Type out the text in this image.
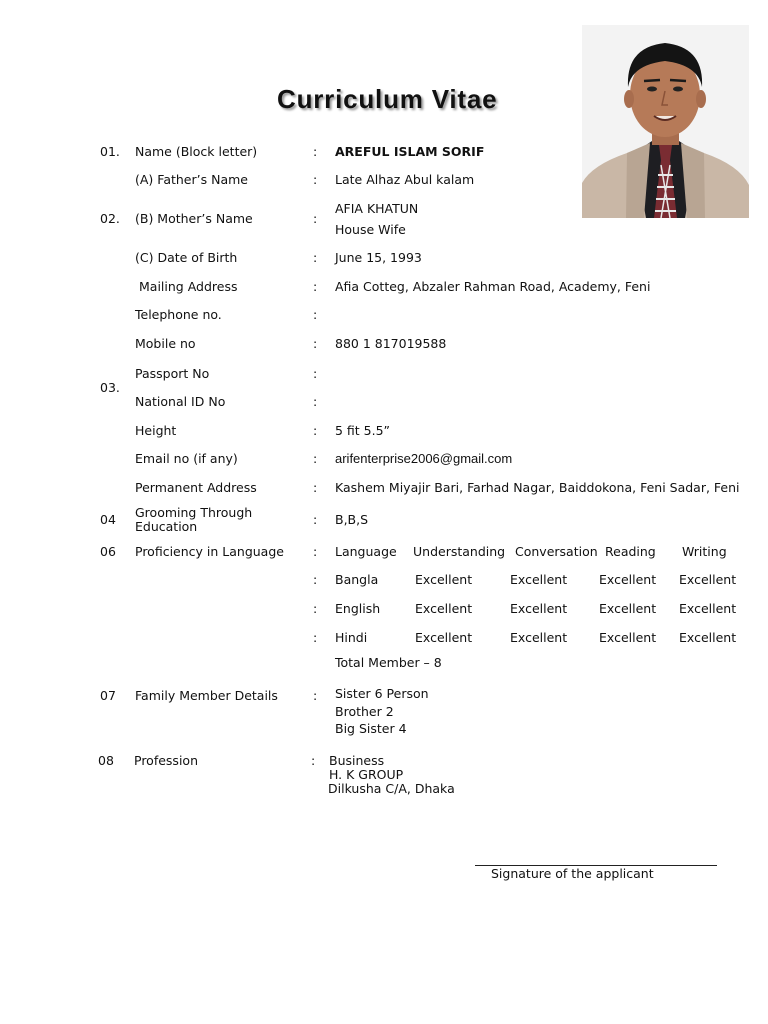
Curriculum Vitae
01. Name (Block letter)	: AREFUL ISLAM SORIF
(A) Father’s Name	: Late Alhaz Abul kalam
02. (B) Mother’s Name	:
AFIA KHATUN
House Wife
(C) Date of Birth	: June 15, 1993
Mailing Address	: Afia Cotteg, Abzaler Rahman Road, Academy, Feni
Telephone no.	:
Mobile no	: 880 1 817019588
03.
Passport No	:
National ID No	:
Height	: 5 fit 5.5”
Email no (if any)	: arifenterprise2006@gmail.com
Permanent Address	: Kashem Miyajir Bari, Farhad Nagar, Baiddokona, Feni Sadar, Feni
04 Grooming Through
Education	: B,B,S
06 Proficiency in Language : Language Understanding Conversation Reading Writing
: Bangla	Excellent	Excellent	Excellent Excellent
: English	Excellent	Excellent	Excellent Excellent
: Hindi	Excellent	Excellent	Excellent Excellent
Total Member – 8
07 Family Member Details	: Sister 6 Person
Brother 2
Big Sister 4
08 Profession	: Business
H. K GROUP
Dilkusha C/A, Dhaka
Signature of the applicant
